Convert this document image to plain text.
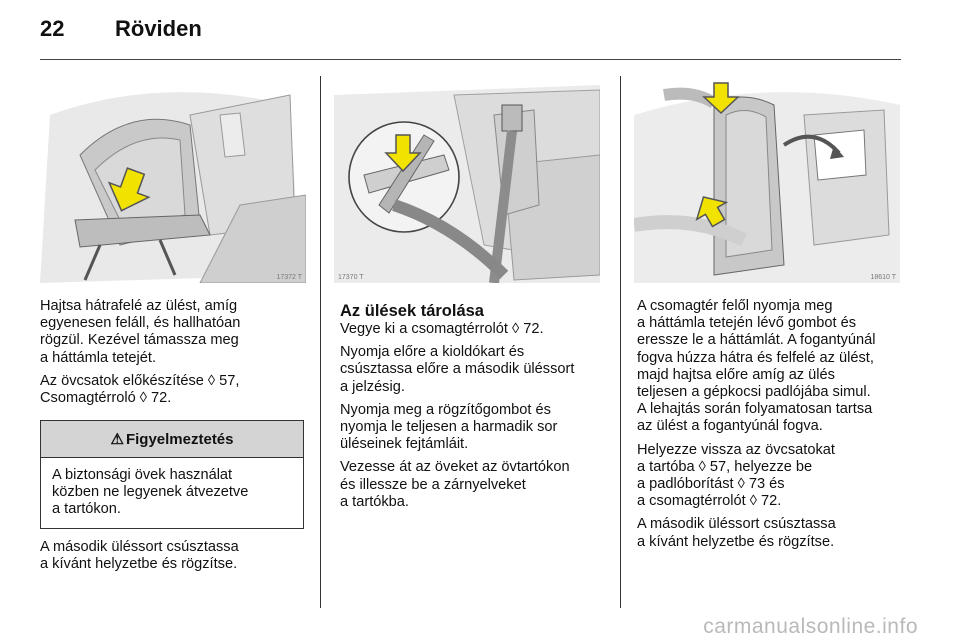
22 Röviden
17372 T	17370 T	18610 T

Hajtsa hátrafelé az ülést, amíg
egyenesen feláll, és hallhatóan
rögzül. Kezével támassza meg
a háttámla tetejét.

Az övcsatok előkészítése ◊ 57,
Csomagtérroló ◊ 72.

⚠ Figyelmeztetés
A biztonsági övek használat
közben ne legyenek átvezetve
a tartókon.

A második üléssort csúsztassa
a kívánt helyzetbe és rögzítse.

Az ülések tárolása

Vegye ki a csomagtérrolót ◊ 72.

Nyomja előre a kioldókart és
csúsztassa előre a második üléssort
a jelzésig.

Nyomja meg a rögzítőgombot és
nyomja le teljesen a harmadik sor
üléseinek fejtámláit.

Vezesse át az öveket az övtartókon
és illessze be a zárnyelveket
a tartókba.

A csomagtér felől nyomja meg
a háttámla tetején lévő gombot és
eressze le a háttámlát. A fogantyúnál
fogva húzza hátra és felfelé az ülést,
majd hajtsa előre amíg az ülés
teljesen a gépkocsi padlójába simul.
A lehajtás során folyamatosan tartsa
az ülést a fogantyúnál fogva.

Helyezze vissza az övcsatokat
a tartóba ◊ 57, helyezze be
a padlóborítást ◊ 73 és
a csomagtérrolót ◊ 72.

A második üléssort csúsztassa
a kívánt helyzetbe és rögzítse.

carmanualsonline.info
